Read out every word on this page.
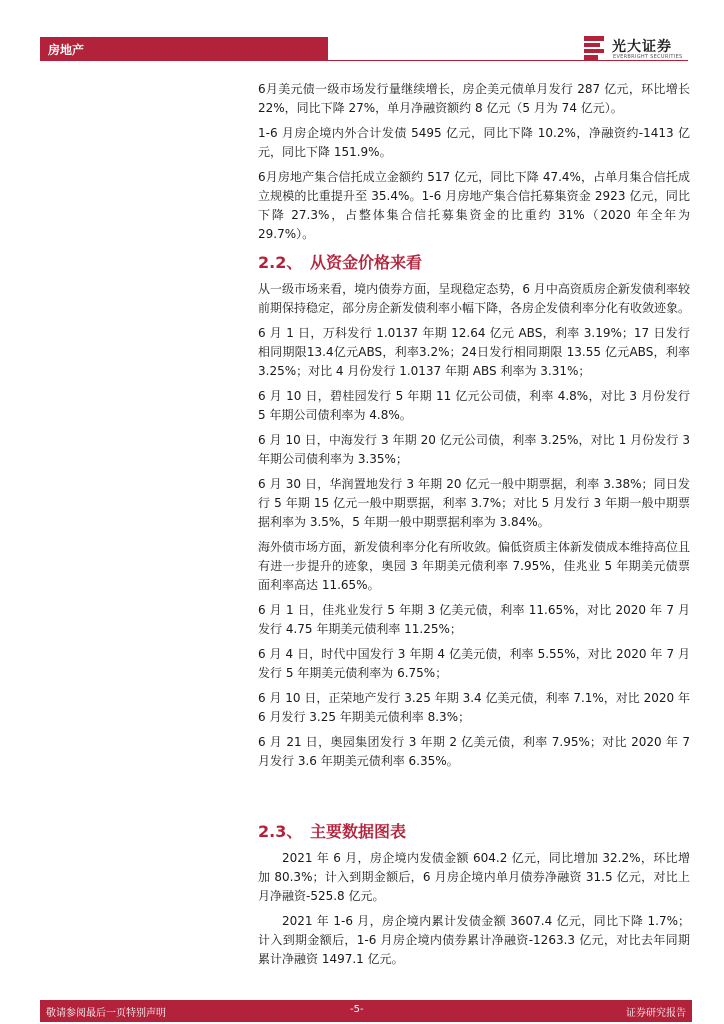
房地产	光大证券
EVERBRIGHT SECURITIES

6月美元债一级市场发行量继续增长，房企美元债单月发行 287 亿元，环比增长 22%，同比下降 27%，单月净融资额约 8 亿元（5 月为 74 亿元）。

1-6 月房企境内外合计发债 5495 亿元，同比下降 10.2%，净融资约-1413 亿元，同比下降 151.9%。

6月房地产集合信托成立金额约 517 亿元，同比下降 47.4%，占单月集合信托成立规模的比重提升至 35.4%。1-6 月房地产集合信托募集资金 2923 亿元，同比下降 27.3%，占整体集合信托募集资金的比重约 31%（2020 年全年为 29.7%）。

2.2、 从资金价格来看

从一级市场来看，境内债券方面，呈现稳定态势，6 月中高资质房企新发债利率较前期保持稳定，部分房企新发债利率小幅下降，各房企发债利率分化有收敛迹象。

6 月 1 日，万科发行 1.0137 年期 12.64 亿元 ABS，利率 3.19%；17 日发行相同期限13.4亿元ABS，利率3.2%；24日发行相同期限 13.55 亿元ABS，利率3.25%；对比 4 月份发行 1.0137 年期 ABS 利率为 3.31%；

6 月 10 日，碧桂园发行 5 年期 11 亿元公司债，利率 4.8%，对比 3 月份发行 5 年期公司债利率为 4.8%。

6 月 10 日，中海发行 3 年期 20 亿元公司债，利率 3.25%，对比 1 月份发行 3 年期公司债利率为 3.35%；

6 月 30 日，华润置地发行 3 年期 20 亿元一般中期票据，利率 3.38%；同日发行 5 年期 15 亿元一般中期票据，利率 3.7%；对比 5 月发行 3 年期一般中期票据利率为 3.5%，5 年期一般中期票据利率为 3.84%。

海外债市场方面，新发债利率分化有所收敛。偏低资质主体新发债成本维持高位且有进一步提升的迹象，奥园 3 年期美元债利率 7.95%，佳兆业 5 年期美元债票面利率高达 11.65%。

6 月 1 日，佳兆业发行 5 年期 3 亿美元债，利率 11.65%，对比 2020 年 7 月发行 4.75 年期美元债利率 11.25%；

6 月 4 日，时代中国发行 3 年期 4 亿美元债，利率 5.55%，对比 2020 年 7 月发行 5 年期美元债利率为 6.75%；

6 月 10 日，正荣地产发行 3.25 年期 3.4 亿美元债，利率 7.1%，对比 2020 年 6 月发行 3.25 年期美元债利率 8.3%；

6 月 21 日，奥园集团发行 3 年期 2 亿美元债，利率 7.95%；对比 2020 年 7 月发行 3.6 年期美元债利率 6.35%。

2.3、 主要数据图表

2021 年 6 月，房企境内发债金额 604.2 亿元，同比增加 32.2%，环比增加 80.3%；计入到期金额后，6 月房企境内单月债券净融资 31.5 亿元，对比上月净融资-525.8 亿元。

2021 年 1-6 月，房企境内累计发债金额 3607.4 亿元，同比下降 1.7%；计入到期金额后，1-6 月房企境内债券累计净融资-1263.3 亿元，对比去年同期累计净融资 1497.1 亿元。

敬请参阅最后一页特别声明	-5-	证券研究报告
